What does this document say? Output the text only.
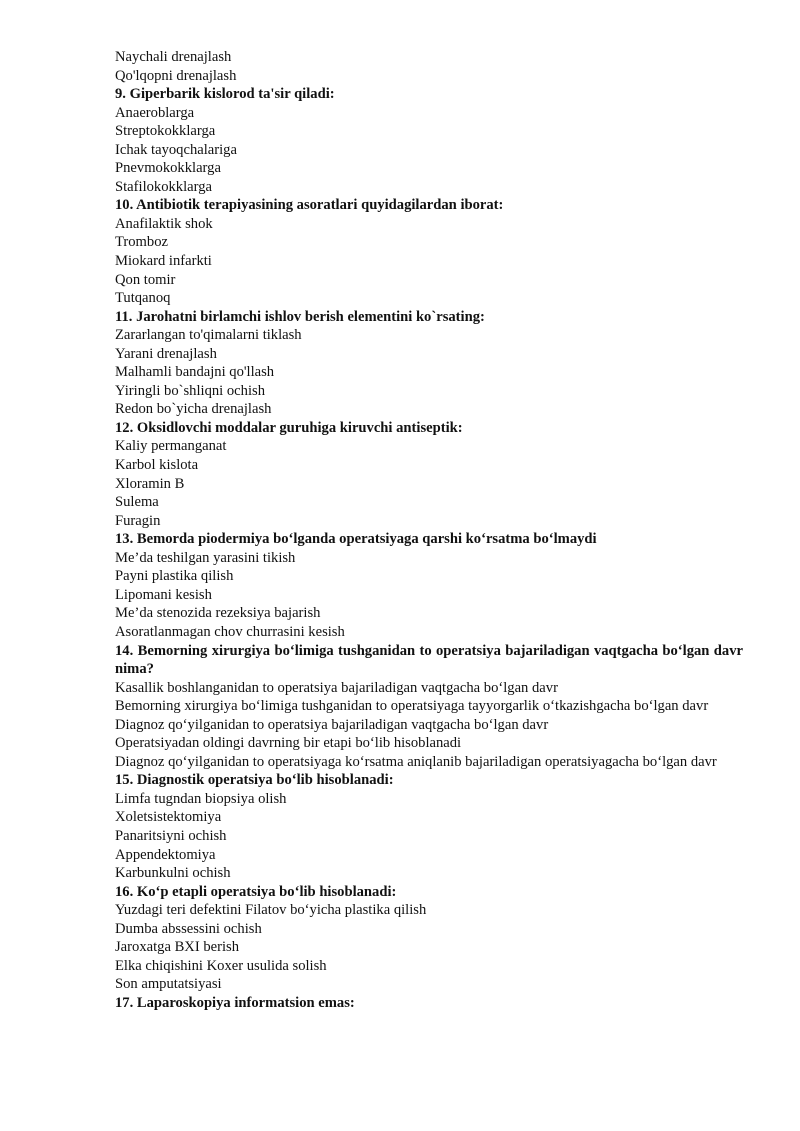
Naychali drenajlash

Qo'lqopni drenajlash

9. Giperbarik kislorod ta'sir qiladi:

Anaeroblarga

Streptokokklarga

Ichak tayoqchalariga

Pnevmokokklarga

Stafilokokklarga

10. Antibiotik terapiyasining asoratlari quyidagilardan iborat:

Anafilaktik shok

Tromboz

Miokard infarkti

Qon tomir

Tutqanoq

11. Jarohatni birlamchi ishlov berish elementini ko`rsating:

Zararlangan to'qimalarni tiklash

Yarani drenajlash

Malhamli bandajni qo'llash

Yiringli bo`shliqni ochish

Redon bo`yicha drenajlash

12. Oksidlovchi moddalar guruhiga kiruvchi antiseptik:

Kaliy permanganat

Karbol kislota

Xloramin B

Sulema

Furagin

13. Bemorda piodermiya bo‘lganda operatsiyaga qarshi ko‘rsatma bo‘lmaydi

Me’da teshilgan yarasini tikish

Payni plastika qilish

Lipomani kesish

Me’da stenozida rezeksiya bajarish

Asoratlanmagan chov churrasini kesish

14. Bemorning xirurgiya bo‘limiga tushganidan to operatsiya bajariladigan vaqtgacha bo‘lgan davr nima?

Kasallik boshlanganidan to operatsiya bajariladigan vaqtgacha bo‘lgan davr

Bemorning xirurgiya bo‘limiga tushganidan to operatsiyaga tayyorgarlik o‘tkazishgacha bo‘lgan davr

Diagnoz qo‘yilganidan to operatsiya bajariladigan vaqtgacha bo‘lgan davr

Operatsiyadan oldingi davrning bir etapi bo‘lib hisoblanadi

Diagnoz qo‘yilganidan to operatsiyaga ko‘rsatma aniqlanib bajariladigan operatsiyagacha bo‘lgan davr

15. Diagnostik operatsiya bo‘lib hisoblanadi:

Limfa tugndan biopsiya olish

Xoletsistektomiya

Panaritsiyni ochish

Appendektomiya

Karbunkulni ochish

16. Ko‘p etapli operatsiya bo‘lib hisoblanadi:

Yuzdagi teri defektini Filatov bo‘yicha plastika qilish

Dumba abssessini ochish

Jaroxatga BXI berish

Elka chiqishini Koxer usulida solish

Son amputatsiyasi

17. Laparoskopiya informatsion emas:
